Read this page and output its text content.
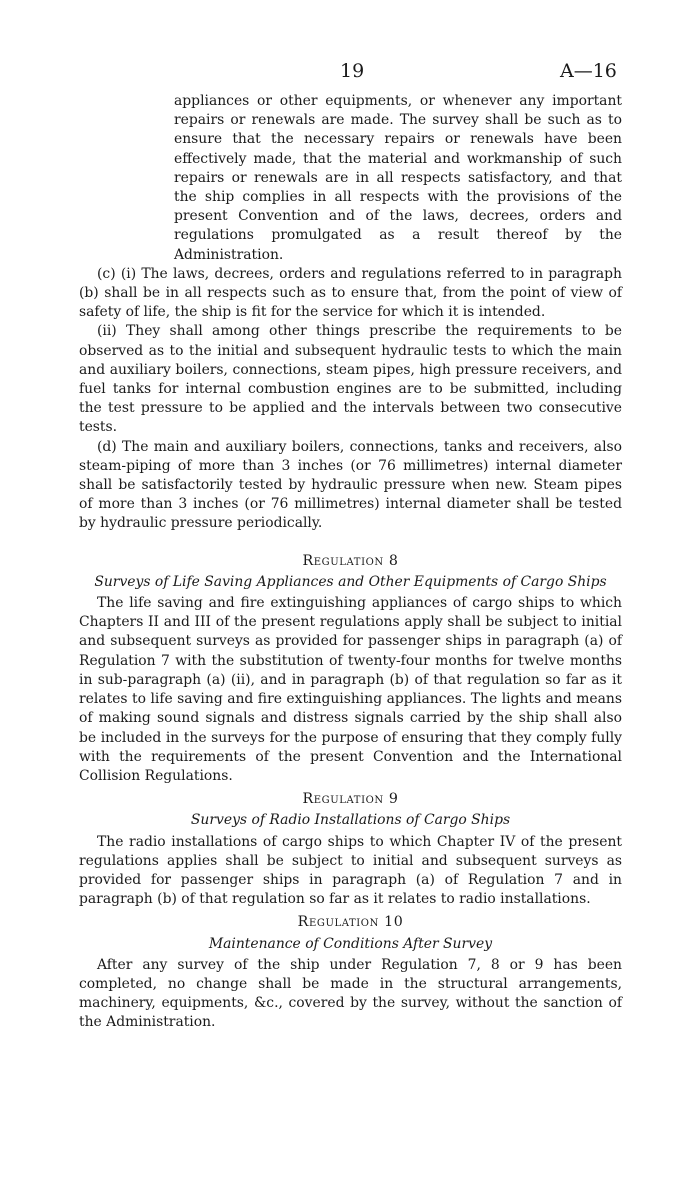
19	A—16

appliances or other equipments, or whenever any important repairs or renewals are made. The survey shall be such as to ensure that the necessary repairs or renewals have been effectively made, that the material and workmanship of such repairs or renewals are in all respects satisfactory, and that the ship complies in all respects with the provisions of the present Convention and of the laws, decrees, orders and regulations promulgated as a result thereof by the Administration.

(c) (i) The laws, decrees, orders and regulations referred to in paragraph (b) shall be in all respects such as to ensure that, from the point of view of safety of life, the ship is fit for the service for which it is intended.

(ii) They shall among other things prescribe the requirements to be observed as to the initial and subsequent hydraulic tests to which the main and auxiliary boilers, connections, steam pipes, high pressure receivers, and fuel tanks for internal combustion engines are to be submitted, including the test pressure to be applied and the intervals between two consecutive tests.

(d) The main and auxiliary boilers, connections, tanks and receivers, also steam-piping of more than 3 inches (or 76 millimetres) internal diameter shall be satisfactorily tested by hydraulic pressure when new. Steam pipes of more than 3 inches (or 76 millimetres) internal diameter shall be tested by hydraulic pressure periodically.

Regulation 8

Surveys of Life Saving Appliances and Other Equipments of Cargo Ships

The life saving and fire extinguishing appliances of cargo ships to which Chapters II and III of the present regulations apply shall be subject to initial and subsequent surveys as provided for passenger ships in paragraph (a) of Regulation 7 with the substitution of twenty-four months for twelve months in sub-paragraph (a) (ii), and in paragraph (b) of that regulation so far as it relates to life saving and fire extinguishing appliances. The lights and means of making sound signals and distress signals carried by the ship shall also be included in the surveys for the purpose of ensuring that they comply fully with the requirements of the present Convention and the International Collision Regulations.

Regulation 9

Surveys of Radio Installations of Cargo Ships

The radio installations of cargo ships to which Chapter IV of the present regulations applies shall be subject to initial and subsequent surveys as provided for passenger ships in paragraph (a) of Regulation 7 and in paragraph (b) of that regulation so far as it relates to radio installations.

Regulation 10

Maintenance of Conditions After Survey

After any survey of the ship under Regulation 7, 8 or 9 has been completed, no change shall be made in the structural arrangements, machinery, equipments, &c., covered by the survey, without the sanction of the Administration.
